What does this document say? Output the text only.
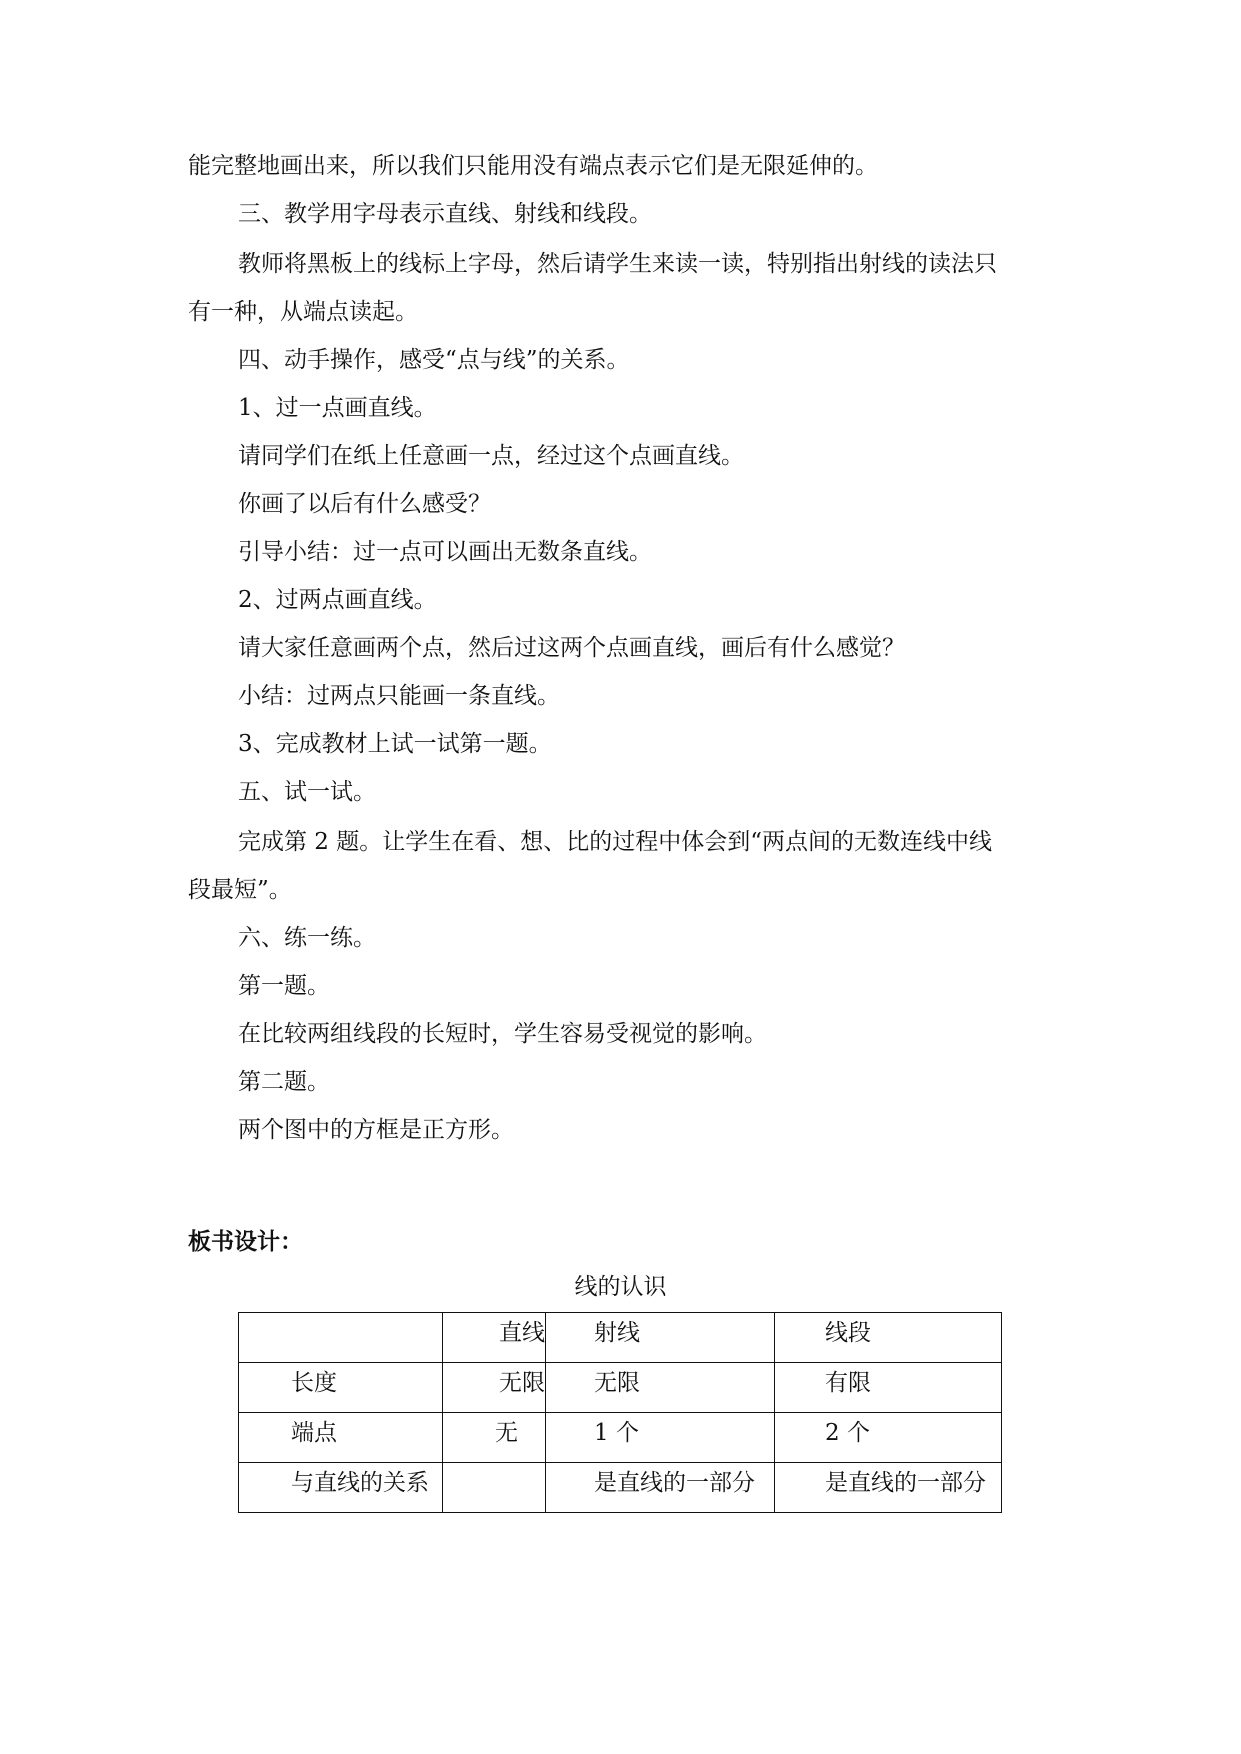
能完整地画出来，所以我们只能用没有端点表示它们是无限延伸的。

三、教学用字母表示直线、射线和线段。

教师将黑板上的线标上字母，然后请学生来读一读，特别指出射线的读法只

有一种，从端点读起。

四、动手操作，感受“点与线”的关系。

1、过一点画直线。

请同学们在纸上任意画一点，经过这个点画直线。

你画了以后有什么感受？

引导小结：过一点可以画出无数条直线。

2、过两点画直线。

请大家任意画两个点，然后过这两个点画直线，画后有什么感觉？

小结：过两点只能画一条直线。

3、完成教材上试一试第一题。

五、试一试。

完成第 2 题。让学生在看、想、比的过程中体会到“两点间的无数连线中线

段最短”。

六、练一练。

第一题。

在比较两组线段的长短时，学生容易受视觉的影响。

第二题。

两个图中的方框是正方形。

板书设计：

线的认识
	直线	射线	线段
长度	无限	无限	有限
端点	无	1 个	2 个
与直线的关系		是直线的一部分	是直线的一部分
